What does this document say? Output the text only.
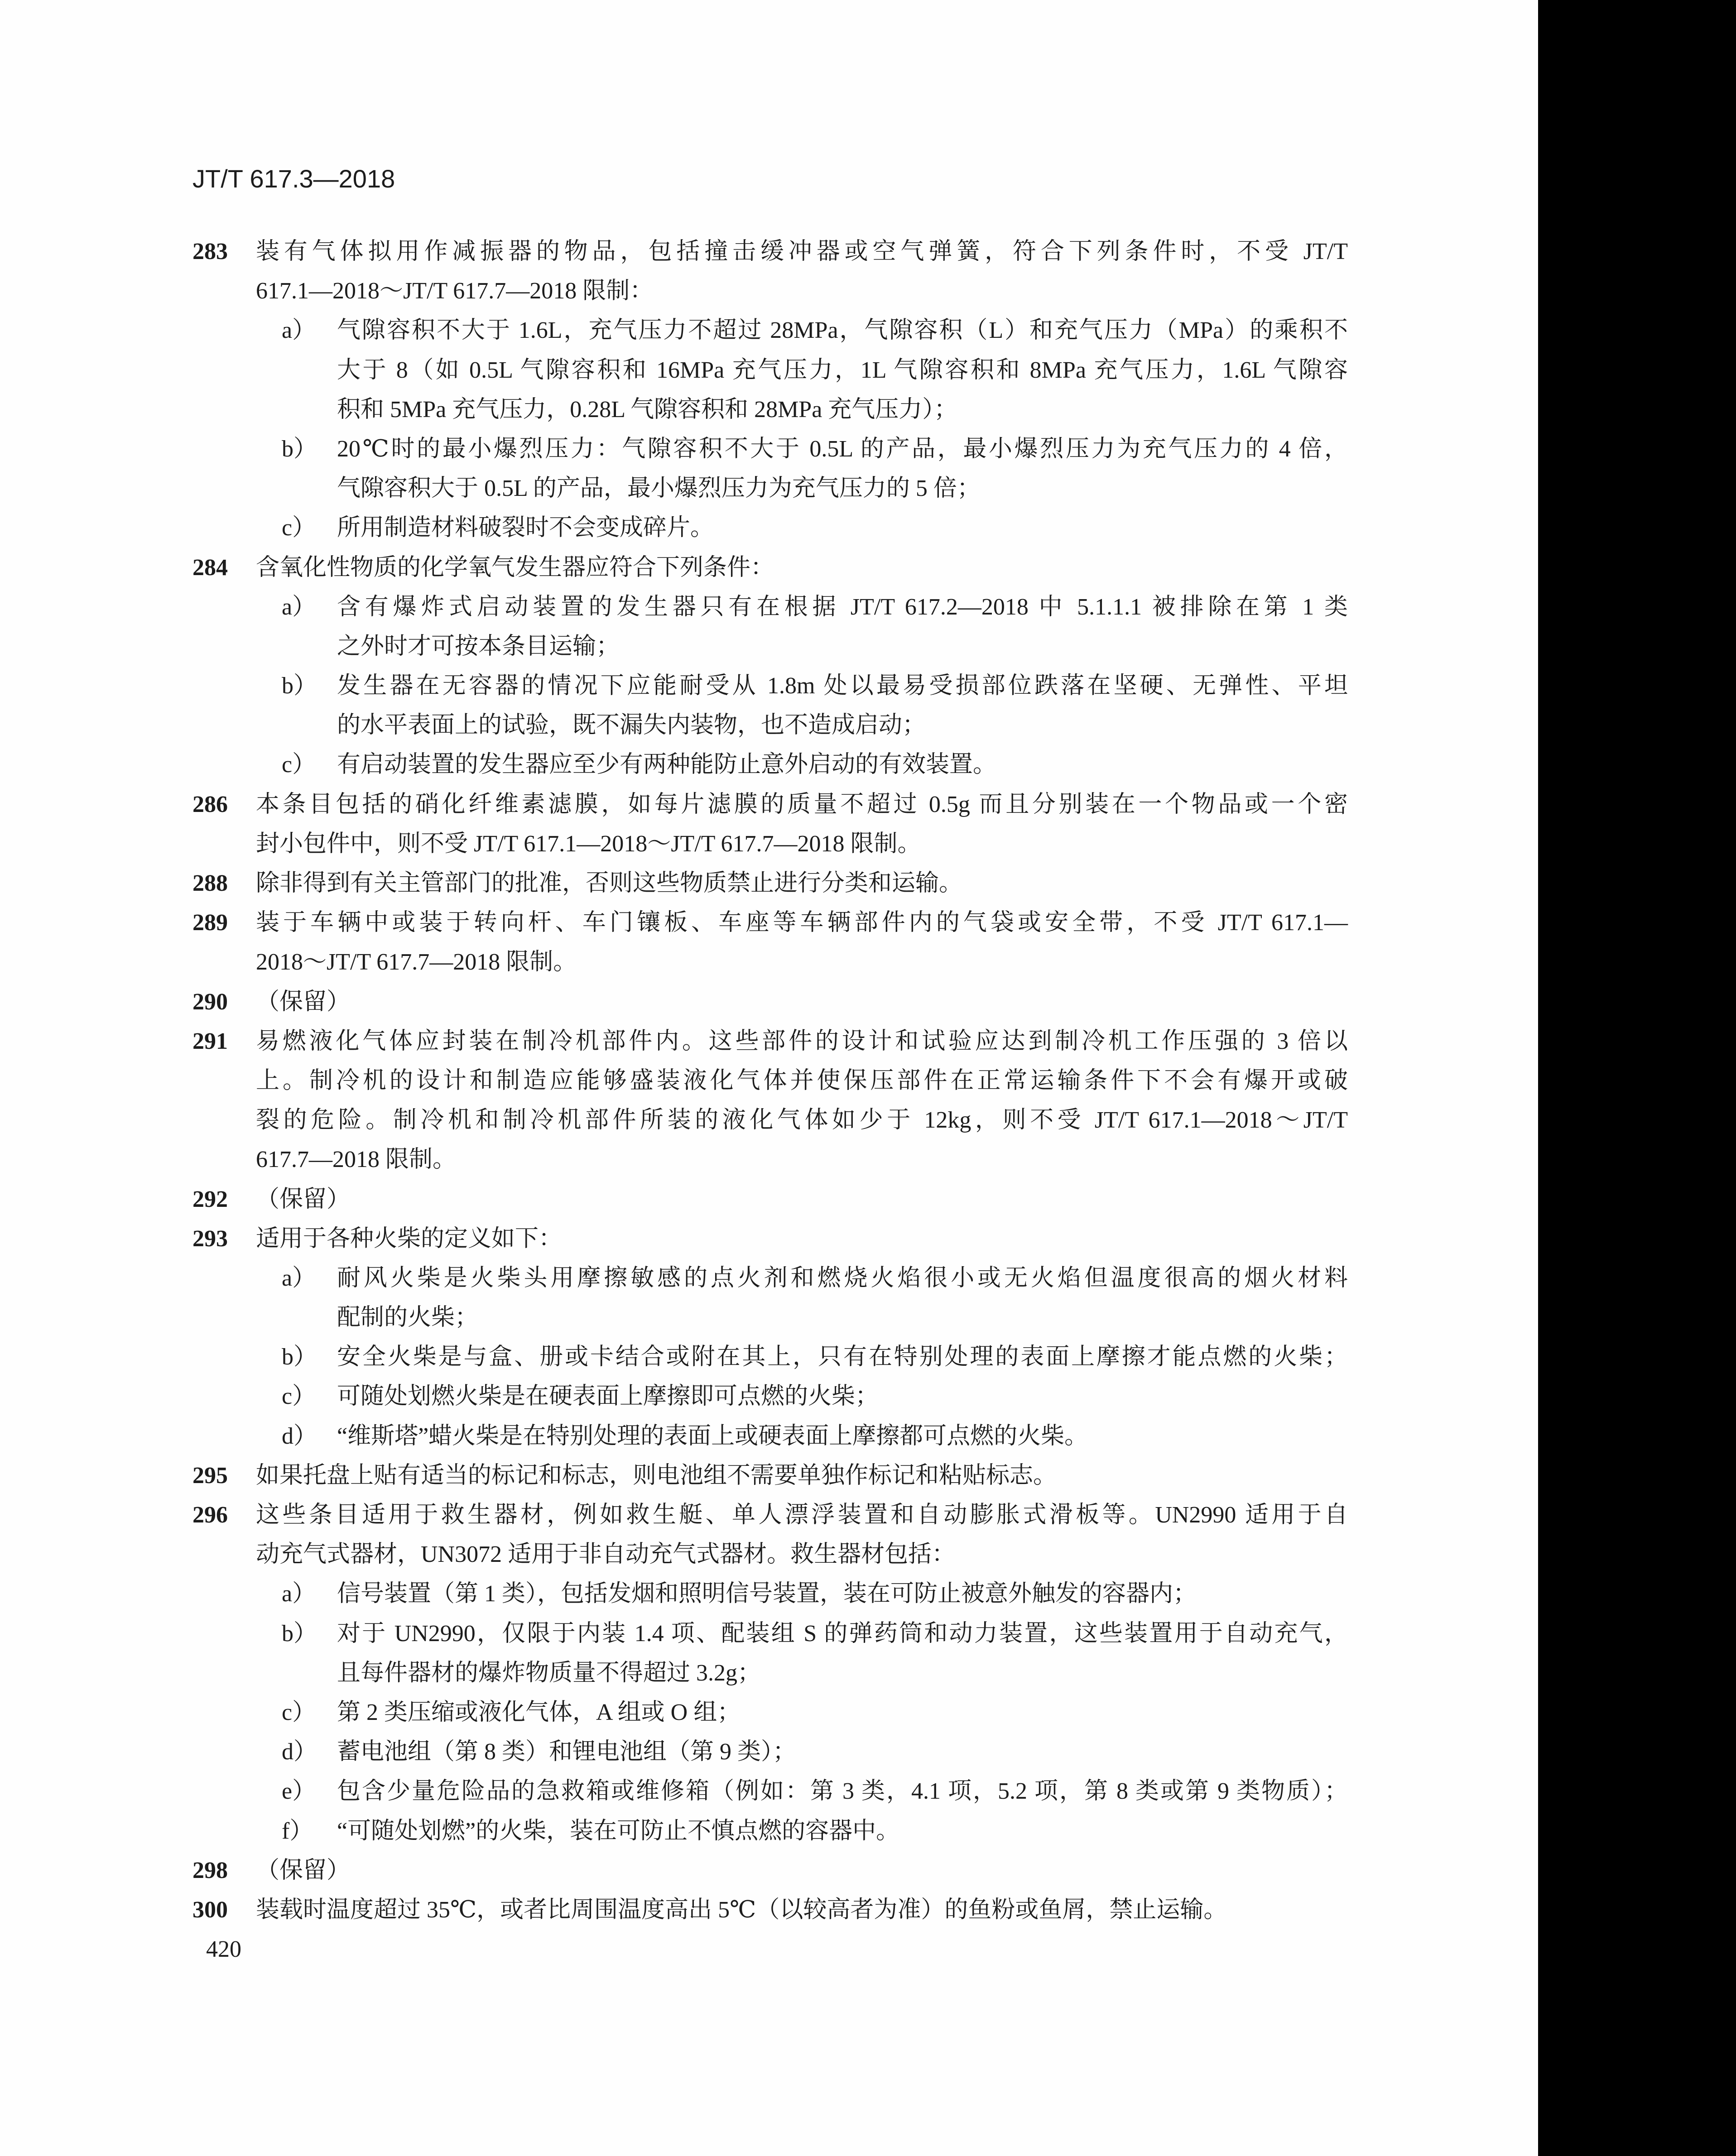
JT/T 617.3—2018
283 装有气体拟用作减振器的物品，包括撞击缓冲器或空气弹簧，符合下列条件时，不受 JT/T
617.1—2018～JT/T 617.7—2018 限制：
a） 气隙容积不大于 1.6L，充气压力不超过 28MPa，气隙容积（L）和充气压力（MPa）的乘积不
大于 8（如 0.5L 气隙容积和 16MPa 充气压力，1L 气隙容积和 8MPa 充气压力，1.6L 气隙容
积和 5MPa 充气压力，0.28L 气隙容积和 28MPa 充气压力）；
b） 20℃时的最小爆烈压力：气隙容积不大于 0.5L 的产品，最小爆烈压力为充气压力的 4 倍，
气隙容积大于 0.5L 的产品，最小爆烈压力为充气压力的 5 倍；
c） 所用制造材料破裂时不会变成碎片。
284 含氧化性物质的化学氧气发生器应符合下列条件：
a） 含有爆炸式启动装置的发生器只有在根据 JT/T 617.2—2018 中 5.1.1.1 被排除在第 1 类
之外时才可按本条目运输；
b） 发生器在无容器的情况下应能耐受从 1.8m 处以最易受损部位跌落在坚硬、无弹性、平坦
的水平表面上的试验，既不漏失内装物，也不造成启动；
c） 有启动装置的发生器应至少有两种能防止意外启动的有效装置。
286 本条目包括的硝化纤维素滤膜，如每片滤膜的质量不超过 0.5g 而且分别装在一个物品或一个密
封小包件中，则不受 JT/T 617.1—2018～JT/T 617.7—2018 限制。
288 除非得到有关主管部门的批准，否则这些物质禁止进行分类和运输。
289 装于车辆中或装于转向杆、车门镶板、车座等车辆部件内的气袋或安全带，不受 JT/T 617.1—
2018～JT/T 617.7—2018 限制。
290 （保留）
291 易燃液化气体应封装在制冷机部件内。这些部件的设计和试验应达到制冷机工作压强的 3 倍以
上。制冷机的设计和制造应能够盛装液化气体并使保压部件在正常运输条件下不会有爆开或破
裂的危险。制冷机和制冷机部件所装的液化气体如少于 12kg，则不受 JT/T 617.1—2018～JT/T
617.7—2018 限制。
292 （保留）
293 适用于各种火柴的定义如下：
a） 耐风火柴是火柴头用摩擦敏感的点火剂和燃烧火焰很小或无火焰但温度很高的烟火材料
配制的火柴；
b） 安全火柴是与盒、册或卡结合或附在其上，只有在特别处理的表面上摩擦才能点燃的火柴；
c） 可随处划燃火柴是在硬表面上摩擦即可点燃的火柴；
d） “维斯塔”蜡火柴是在特别处理的表面上或硬表面上摩擦都可点燃的火柴。
295 如果托盘上贴有适当的标记和标志，则电池组不需要单独作标记和粘贴标志。
296 这些条目适用于救生器材，例如救生艇、单人漂浮装置和自动膨胀式滑板等。UN2990 适用于自
动充气式器材，UN3072 适用于非自动充气式器材。救生器材包括：
a） 信号装置（第 1 类），包括发烟和照明信号装置，装在可防止被意外触发的容器内；
b） 对于 UN2990，仅限于内装 1.4 项、配装组 S 的弹药筒和动力装置，这些装置用于自动充气，
且每件器材的爆炸物质量不得超过 3.2g；
c） 第 2 类压缩或液化气体，A 组或 O 组；
d） 蓄电池组（第 8 类）和锂电池组（第 9 类）；
e） 包含少量危险品的急救箱或维修箱（例如：第 3 类，4.1 项，5.2 项，第 8 类或第 9 类物质）；
f） “可随处划燃”的火柴，装在可防止不慎点燃的容器中。
298 （保留）
300 装载时温度超过 35℃，或者比周围温度高出 5℃（以较高者为准）的鱼粉或鱼屑，禁止运输。
420
